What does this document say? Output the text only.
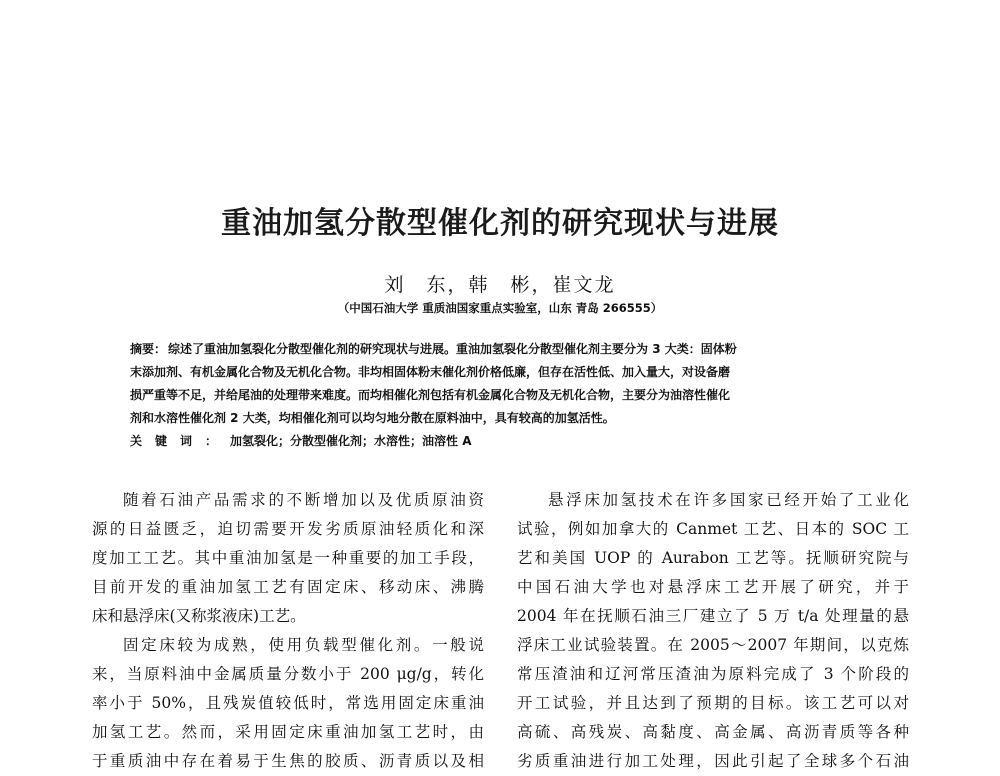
重油加氢分散型催化剂的研究现状与进展
刘　东，韩　彬，崔文龙
（中国石油大学 重质油国家重点实验室，山东 青岛 266555）
摘要： 综述了重油加氢裂化分散型催化剂的研究现状与进展。重油加氢裂化分散型催化剂主要分为 3 大类：固体粉
末添加剂、有机金属化合物及无机化合物。非均相固体粉末催化剂价格低廉，但存在活性低、加入量大，对设备磨
损严重等不足，并给尾油的处理带来难度。而均相催化剂包括有机金属化合物及无机化合物，主要分为油溶性催化
剂和水溶性催化剂 2 大类，均相催化剂可以均匀地分散在原料油中，具有较高的加氢活性。
关键词：加氢裂化；分散型催化剂；水溶性；油溶性 A
随着石油产品需求的不断增加以及优质原油资
源的日益匮乏，迫切需要开发劣质原油轻质化和深
度加工工艺。其中重油加氢是一种重要的加工手段，
目前开发的重油加氢工艺有固定床、移动床、沸腾
床和悬浮床(又称浆液床)工艺。
固定床较为成熟，使用负载型催化剂。一般说
来，当原料油中金属质量分数小于 200 μg/g，转化
率小于 50%，且残炭值较低时，常选用固定床重油
加氢工艺。然而，采用固定床重油加氢工艺时，由
于重质油中存在着易于生焦的胶质、沥青质以及相
悬浮床加氢技术在许多国家已经开始了工业化
试验，例如加拿大的 Canmet 工艺、日本的 SOC 工
艺和美国 UOP 的 Aurabon 工艺等。抚顺研究院与
中国石油大学也对悬浮床工艺开展了研究，并于
2004 年在抚顺石油三厂建立了 5 万 t/a 处理量的悬
浮床工业试验装置。在 2005～2007 年期间，以克炼
常压渣油和辽河常压渣油为原料完成了 3 个阶段的
开工试验，并且达到了预期的目标。该工艺可以对
高硫、高残炭、高黏度、高金属、高沥青质等各种
劣质重油进行加工处理，因此引起了全球多个石油
